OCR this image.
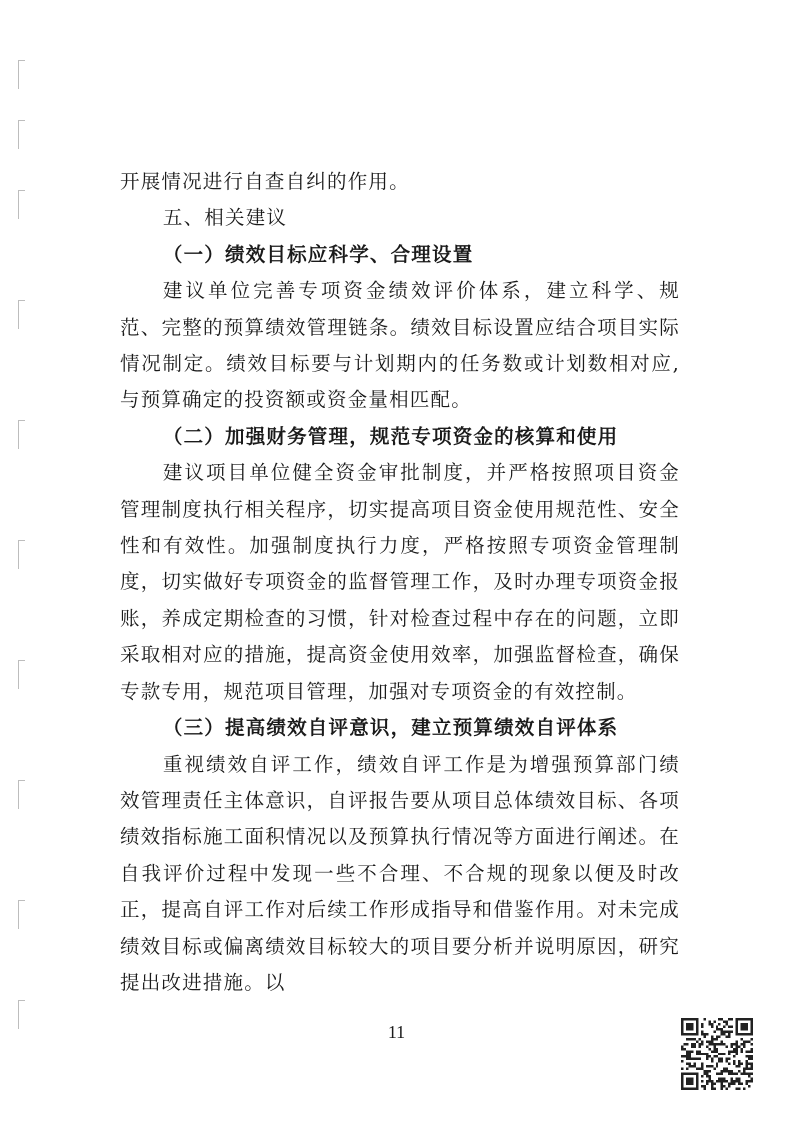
开展情况进行自查自纠的作用。

五、相关建议
（一）绩效目标应科学、合理设置

建议单位完善专项资金绩效评价体系，建立科学、规范、完整的预算绩效管理链条。绩效目标设置应结合项目实际情况制定。绩效目标要与计划期内的任务数或计划数相对应,与预算确定的投资额或资金量相匹配。

（二）加强财务管理，规范专项资金的核算和使用

建议项目单位健全资金审批制度，并严格按照项目资金管理制度执行相关程序，切实提高项目资金使用规范性、安全性和有效性。加强制度执行力度，严格按照专项资金管理制度，切实做好专项资金的监督管理工作，及时办理专项资金报账，养成定期检查的习惯，针对检查过程中存在的问题，立即采取相对应的措施，提高资金使用效率，加强监督检查，确保专款专用，规范项目管理，加强对专项资金的有效控制。

（三）提高绩效自评意识，建立预算绩效自评体系

重视绩效自评工作，绩效自评工作是为增强预算部门绩效管理责任主体意识，自评报告要从项目总体绩效目标、各项绩效指标施工面积情况以及预算执行情况等方面进行阐述。在自我评价过程中发现一些不合理、不合规的现象以便及时改正，提高自评工作对后续工作形成指导和借鉴作用。对未完成绩效目标或偏离绩效目标较大的项目要分析并说明原因，研究提出改进措施。以

11
